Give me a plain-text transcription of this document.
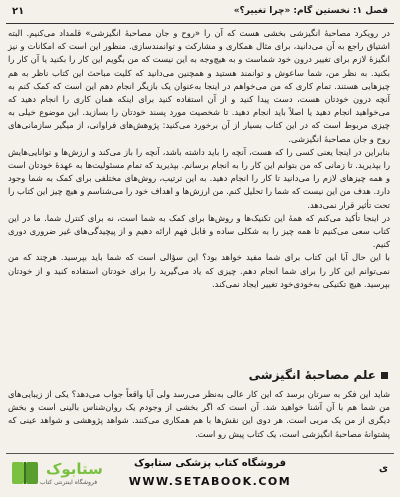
فصل ۱: نخستین گام: «چرا تغییر؟»
۲۱

در رویکرد مصاحبهٔ انگیزشی بخشی هست که آن را «روح و جان مصاحبهٔ انگیزشی» قلمداد می‌کنیم. البته اشتیاق راجع به آن می‌دانید، برای مثال همکاری و مشارکت و توانمندسازی. منظور این است که امکانات و نیز انگیزهٔ لازم برای تغییر درون خود شماست و به هیچ‌وجه به این نیست که من بگویم این کار را بکنید یا آن کار را بکنید. به نظر من، شما ساعوش و توانمند هستید و همچنین می‌دانید که کلیت مباحث این کتاب ناظر به هم چیزهایی هستند. تمام کاری که من می‌خواهم در اینجا به‌عنوان یک بازیگر انجام دهم این است که کمک کنم به آنچه درون خودتان هست، دست پیدا کنید و از آن استفاده کنید برای اینکه همان کاری را انجام دهید که می‌خواهید انجام دهید یا اصلاً باید انجام دهید. تا شخصیت مورد پسند خودتان را بسازید. این موضوع خیلی به چیزی مربوط است که در این کتاب بسیار از آن برخورد می‌کنید: پژوهش‌های فراوانی، از میگیر سازمانی‌های روح و جان مصاحبهٔ انگیزشی.

بنابراین در اینجا یعنی کسی را که هست، آنچه را باید داشته باشد، آنچه را باز می‌کند و ارزش‌ها و توانایی‌هایش را بپذیرید. تا زمانی که من بتوانم این کار را به انجام برسانم. بپذیرید که تمام مسئولیت‌ها به عهدهٔ خودتان است و همه چیزهای لازم را می‌دانید تا کار را انجام دهید. به این ترتیب، روش‌های مختلفی برای کمک به شما وجود دارد. هدف من این نیست که شما را تحلیل کنم. من ارزش‌ها و اهداف خود را می‌شناسم و هیچ چیز این کتاب را تحت تأثیر قرار نمی‌دهد.

در اینجا تأکید می‌کنم که همهٔ این تکنیک‌ها و روش‌ها برای کمک به شما است، نه برای کنترل شما. ما در این کتاب سعی می‌کنیم تا همه چیز را به شکلی ساده و قابل فهم ارائه دهیم و از پیچیدگی‌های غیر ضروری دوری کنیم.

با این حال آیا این کتاب برای شما مفید خواهد بود؟ این سؤالی است که شما باید بپرسید. هرچند که من نمی‌توانم این کار را برای شما انجام دهم. چیزی که یاد می‌گیرید را برای خودتان استفاده کنید و از خودتان بپرسید. هیچ تکنیکی به‌خودی‌خود تغییر ایجاد نمی‌کند.

علم مصاحبهٔ انگیزشی

شاید این فکر به سرتان برسد که این کار عالی به‌نظر می‌رسد ولی آیا واقعاً جواب می‌دهد؟ یکی از زیبایی‌های من شما هم با آن آشنا خواهید شد. آن است که اگر بخشی از وجودم یک روان‌شناس بالینی است و بخش دیگری از من یک مربی است. هر دوی این نقش‌ها با هم همکاری می‌کنند. شواهد پژوهشی و شواهد عینی که پشتوانهٔ مصاحبهٔ انگیزشی است، یک کتاب پیش رو است.

ی
ستابوک
فروشگاه اینترنتی کتاب
فروشگاه کتاب پزشکی ستابوک
WWW.SETABOOK.COM
